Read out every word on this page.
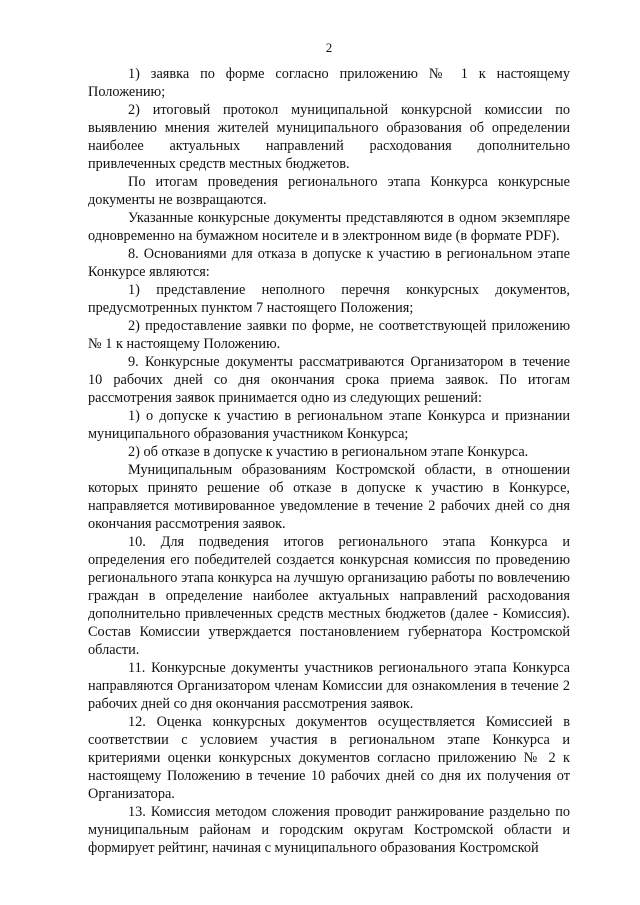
2

1) заявка по форме согласно приложению № 1 к настоящему Положению;

2) итоговый протокол муниципальной конкурсной комиссии по выявлению мнения жителей муниципального образования об определении наиболее актуальных направлений расходования дополнительно привлеченных средств местных бюджетов.

По итогам проведения регионального этапа Конкурса конкурсные документы не возвращаются.

Указанные конкурсные документы представляются в одном экземпляре одновременно на бумажном носителе и в электронном виде (в формате PDF).

8. Основаниями для отказа в допуске к участию в региональном этапе Конкурсе являются:

1) представление неполного перечня конкурсных документов, предусмотренных пунктом 7 настоящего Положения;

2) предоставление заявки по форме, не соответствующей приложению № 1 к настоящему Положению.

9. Конкурсные документы рассматриваются Организатором в течение 10 рабочих дней со дня окончания срока приема заявок. По итогам рассмотрения заявок принимается одно из следующих решений:

1) о допуске к участию в региональном этапе Конкурса и признании муниципального образования участником Конкурса;

2) об отказе в допуске к участию в региональном этапе Конкурса.

Муниципальным образованиям Костромской области, в отношении которых принято решение об отказе в допуске к участию в Конкурсе, направляется мотивированное уведомление в течение 2 рабочих дней со дня окончания рассмотрения заявок.

10. Для подведения итогов регионального этапа Конкурса и определения его победителей создается конкурсная комиссия по проведению регионального этапа конкурса на лучшую организацию работы по вовлечению граждан в определение наиболее актуальных направлений расходования дополнительно привлеченных средств местных бюджетов (далее - Комиссия). Состав Комиссии утверждается постановлением губернатора Костромской области.

11. Конкурсные документы участников регионального этапа Конкурса направляются Организатором членам Комиссии для ознакомления в течение 2 рабочих дней со дня окончания рассмотрения заявок.

12. Оценка конкурсных документов осуществляется Комиссией в соответствии с условием участия в региональном этапе Конкурса и критериями оценки конкурсных документов согласно приложению № 2 к настоящему Положению в течение 10 рабочих дней со дня их получения от Организатора.

13. Комиссия методом сложения проводит ранжирование раздельно по муниципальным районам и городским округам Костромской области и формирует рейтинг, начиная с муниципального образования Костромской
